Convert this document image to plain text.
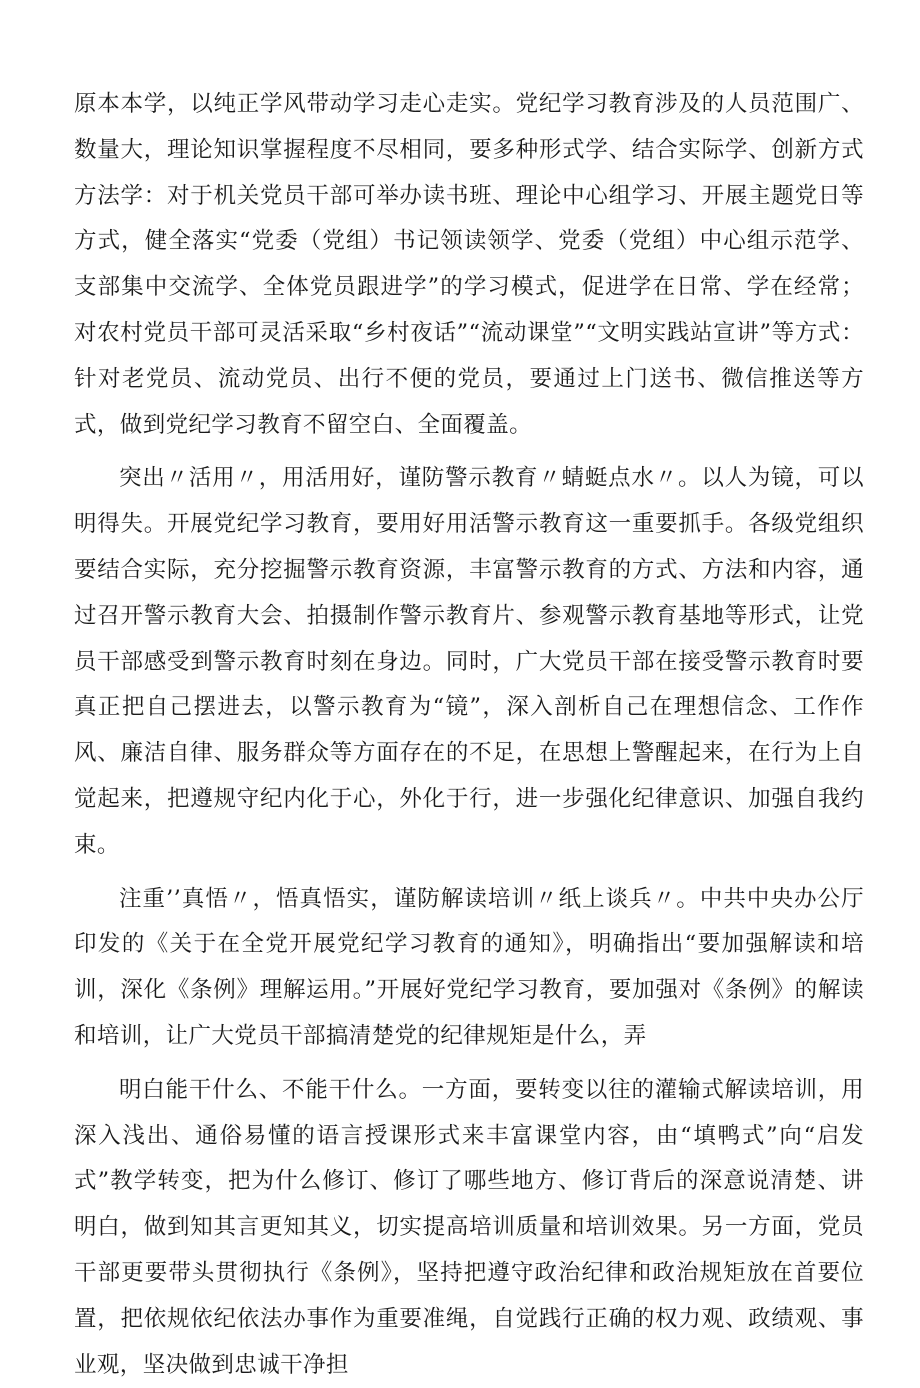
原本本学，以纯正学风带动学习走心走实。党纪学习教育涉及的人员范围广、数量大，理论知识掌握程度不尽相同，要多种形式学、结合实际学、创新方式方法学：对于机关党员干部可举办读书班、理论中心组学习、开展主题党日等方式，健全落实“党委（党组）书记领读领学、党委（党组）中心组示范学、支部集中交流学、全体党员跟进学”的学习模式，促进学在日常、学在经常；对农村党员干部可灵活采取“乡村夜话”“流动课堂”“文明实践站宣讲”等方式：针对老党员、流动党员、出行不便的党员，要通过上门送书、微信推送等方式，做到党纪学习教育不留空白、全面覆盖。

突出〃活用〃，用活用好，谨防警示教育〃蜻蜓点水〃。以人为镜，可以明得失。开展党纪学习教育，要用好用活警示教育这一重要抓手。各级党组织要结合实际，充分挖掘警示教育资源，丰富警示教育的方式、方法和内容，通过召开警示教育大会、拍摄制作警示教育片、参观警示教育基地等形式，让党员干部感受到警示教育时刻在身边。同时，广大党员干部在接受警示教育时要真正把自己摆进去，以警示教育为“镜”，深入剖析自己在理想信念、工作作风、廉洁自律、服务群众等方面存在的不足，在思想上警醒起来，在行为上自觉起来，把遵规守纪内化于心，外化于行，进一步强化纪律意识、加强自我约束。

注重’’真悟〃，悟真悟实，谨防解读培训〃纸上谈兵〃。中共中央办公厅印发的《关于在全党开展党纪学习教育的通知》，明确指出“要加强解读和培训，深化《条例》理解运用。”开展好党纪学习教育，要加强对《条例》的解读和培训，让广大党员干部搞清楚党的纪律规矩是什么，弄

明白能干什么、不能干什么。一方面，要转变以往的灌输式解读培训，用深入浅出、通俗易懂的语言授课形式来丰富课堂内容，由“填鸭式”向“启发式”教学转变，把为什么修订、修订了哪些地方、修订背后的深意说清楚、讲明白，做到知其言更知其义，切实提高培训质量和培训效果。另一方面，党员干部更要带头贯彻执行《条例》，坚持把遵守政治纪律和政治规矩放在首要位置，把依规依纪依法办事作为重要准绳，自觉践行正确的权力观、政绩观、事业观，坚决做到忠诚干净担
